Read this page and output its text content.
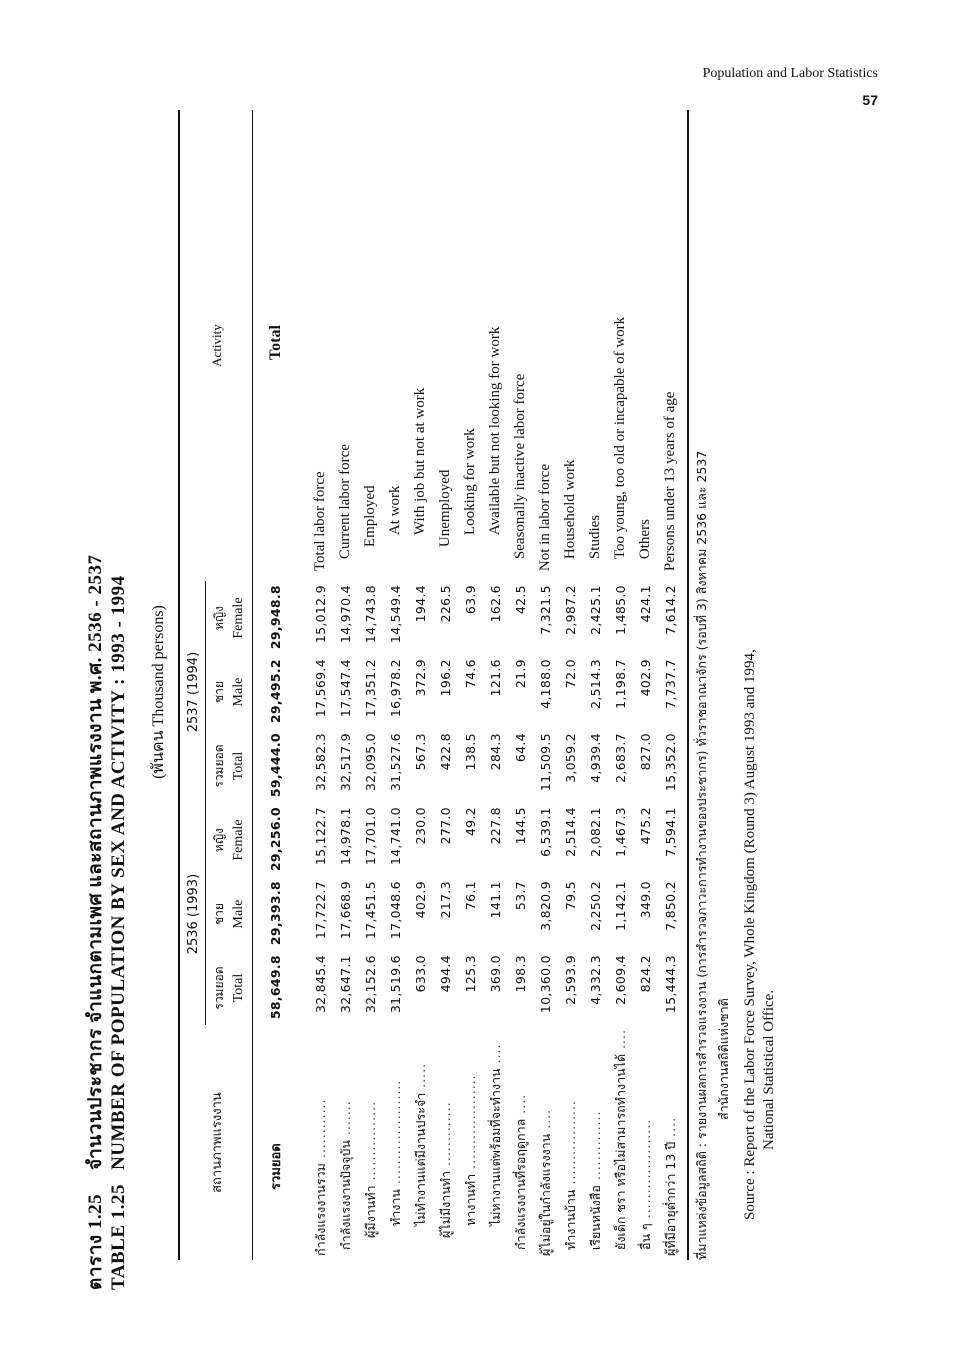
Population and Labor Statistics
57
ตาราง 1.25จำนวนประชากร จำแนกตามเพศ และสถานภาพแรงงาน พ.ศ. 2536 - 2537
TABLE 1.25NUMBER OF POPULATION BY SEX AND ACTIVITY : 1993 - 1994	(พันคน Thousand persons)

สถานภาพแรงงาน	2536 (1993)			2537 (1994)			Activity
	รวมยอด Total	ชาย Male	หญิง Female	รวมยอด Total	ชาย Male	หญิง Female	

รวมยอด	58,649.8	29,393.8	29,256.0	59,444.0	29,495.2	29,948.8	Total
กำลังแรงงานรวม ............	32,845.4	17,722.7	15,122.7	32,582.3	17,569.4	15,012.9	Total labor force
กำลังแรงงานปัจจุบัน .......	32,647.1	17,668.9	14,978.1	32,517.9	17,547.4	14,970.4	Current labor force
ผู้มีงานทำ ................	32,152.6	17,451.5	17,701.0	32,095.0	17,351.2	14,743.8	Employed
ทำงาน .....................	31,519.6	17,048.6	14,741.0	31,527.6	16,978.2	14,549.4	At work
ไม่ทำงานแต่มีงานประจำ .....	633.0	402.9	230.0	567.3	372.9	194.4	With job but not at work
ผู้ไม่มีงานทำ .............	494.4	217.3	277.0	422.8	196.2	226.5	Unemployed
หางานทำ ...................	125.3	76.1	49.2	138.5	74.6	63.9	Looking for work
ไม่หางานแต่พร้อมที่จะทำงาน ....	369.0	141.1	227.8	284.3	121.6	162.6	Available but not looking for work
กำลังแรงงานที่รอฤดูกาล ....	198.3	53.7	144.5	64.4	21.9	42.5	Seasonally inactive labor force
ผู้ไม่อยู่ในกำลังแรงงาน ....	10,360.0	3,820.9	6,539.1	11,509.5	4,188.0	7,321.5	Not in labor force
ทำงานบ้าน .................	2,593.9	79.5	2,514.4	3,059.2	72.0	2,987.2	Household work
เรียนหนังสือ ..............	4,332.3	2,250.2	2,082.1	4,939.4	2,514.3	2,425.1	Studies
ยังเด็ก ชรา หรือไม่สามารถทำงานได้ ....	2,609.4	1,142.1	1,467.3	2,683.7	1,198.7	1,485.0	Too young, too old or incapable of work
อื่น ๆ ....................	824.2	349.0	475.2	827.0	402.9	424.1	Others
ผู้ที่มีอายุต่ำกว่า 13 ปี ....	15,444.3	7,850.2	7,594.1	15,352.0	7,737.7	7,614.2	Persons under 13 years of age ที่มาแหล่งข้อมูลสถิติ : รายงานผลการสำรวจแรงงาน (การสำรวจภาวะการทำงานของประชากร) ทั่วราชอาณาจักร (รอบที่ 3) สิงหาคม 2536 และ 2537 สำนักงานสถิติแห่งชาติ Source : Report of the Labor Force Survey, Whole Kingdom (Round 3) August 1993 and 1994, National Statistical Office.
